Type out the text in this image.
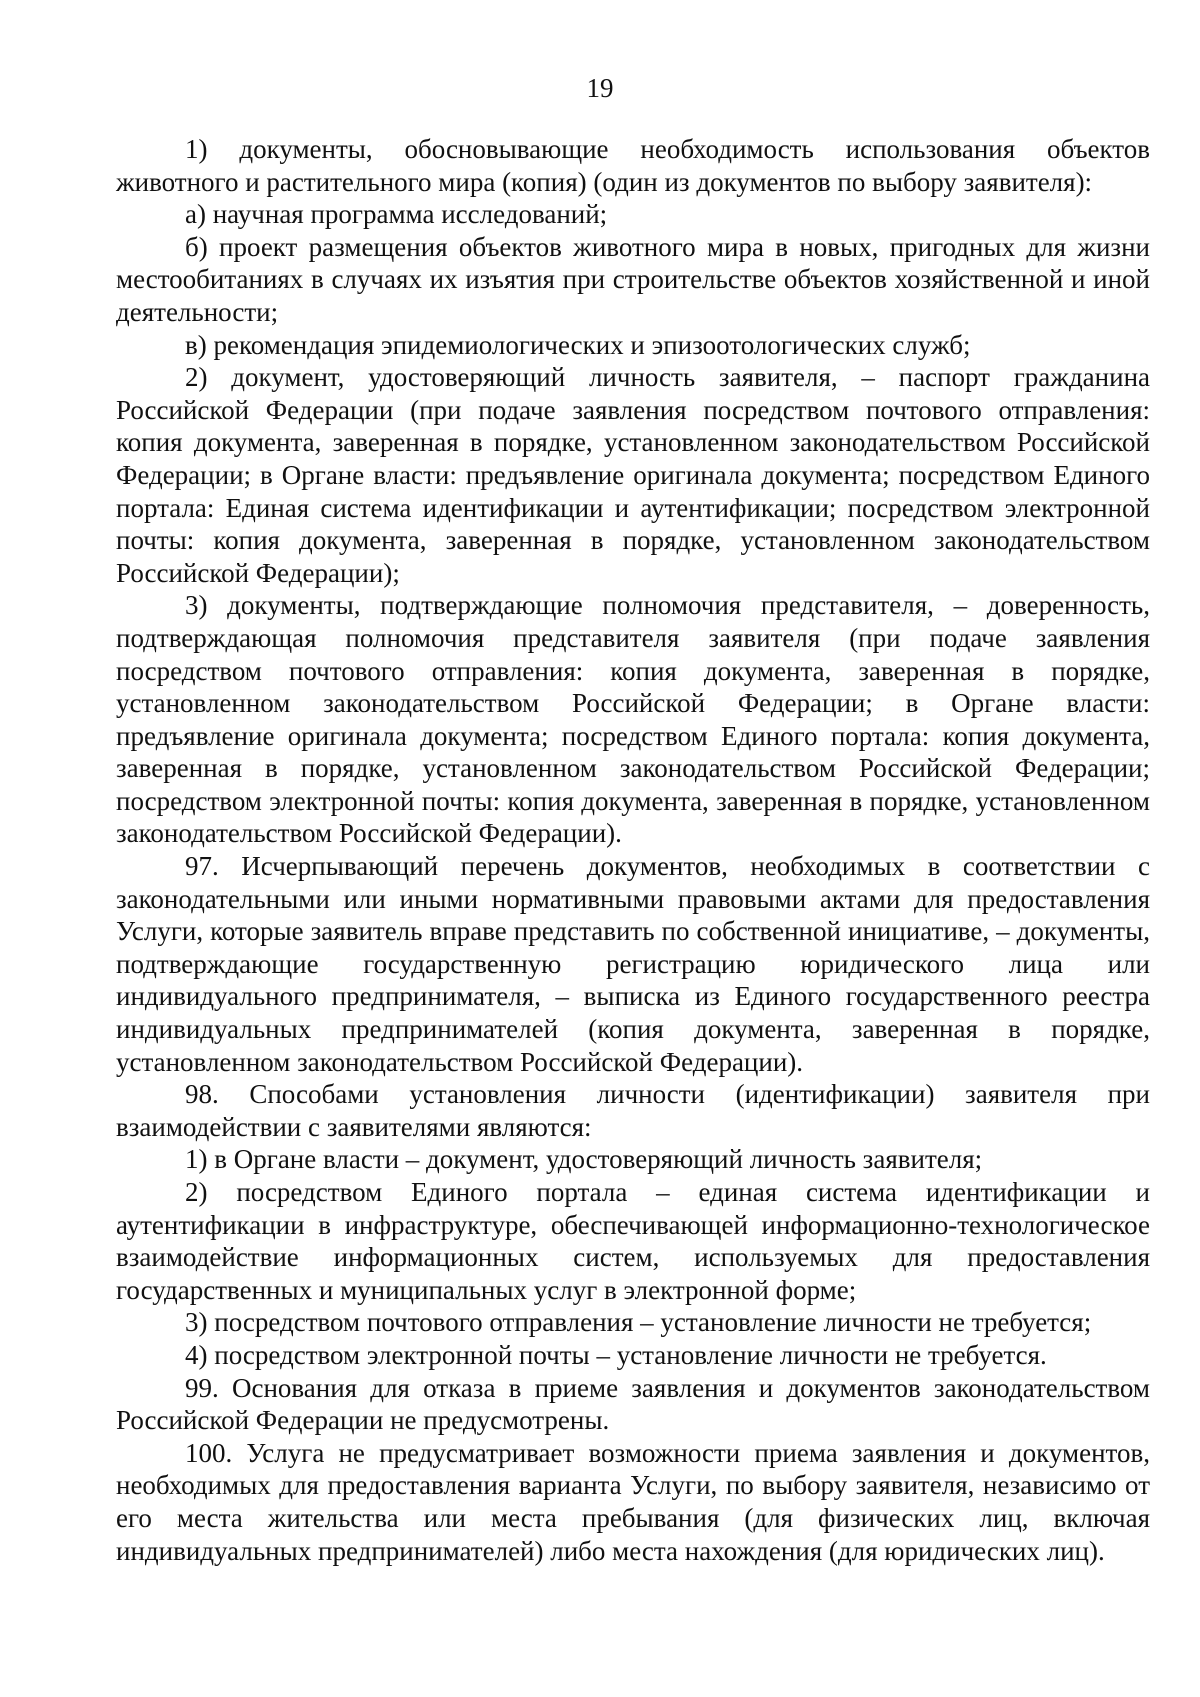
19

1) документы, обосновывающие необходимость использования объектов животного и растительного мира (копия) (один из документов по выбору заявителя):

а) научная программа исследований;

б) проект размещения объектов животного мира в новых, пригодных для жизни местообитаниях в случаях их изъятия при строительстве объектов хозяйственной и иной деятельности;

в) рекомендация эпидемиологических и эпизоотологических служб;

2) документ, удостоверяющий личность заявителя, – паспорт гражданина Российской Федерации (при подаче заявления посредством почтового отправления: копия документа, заверенная в порядке, установленном законодательством Российской Федерации; в Органе власти: предъявление оригинала документа; посредством Единого портала: Единая система идентификации и аутентификации; посредством электронной почты: копия документа, заверенная в порядке, установленном законодательством Российской Федерации);

3) документы, подтверждающие полномочия представителя, – доверенность, подтверждающая полномочия представителя заявителя (при подаче заявления посредством почтового отправления: копия документа, заверенная в порядке, установленном законодательством Российской Федерации; в Органе власти: предъявление оригинала документа; посредством Единого портала: копия документа, заверенная в порядке, установленном законодательством Российской Федерации; посредством электронной почты: копия документа, заверенная в порядке, установленном законодательством Российской Федерации).

97. Исчерпывающий перечень документов, необходимых в соответствии с законодательными или иными нормативными правовыми актами для предоставления Услуги, которые заявитель вправе представить по собственной инициативе, – документы, подтверждающие государственную регистрацию юридического лица или индивидуального предпринимателя, – выписка из Единого государственного реестра индивидуальных предпринимателей (копия документа, заверенная в порядке, установленном законодательством Российской Федерации).

98. Способами установления личности (идентификации) заявителя при взаимодействии с заявителями являются:

1) в Органе власти – документ, удостоверяющий личность заявителя;

2) посредством Единого портала – единая система идентификации и аутентификации в инфраструктуре, обеспечивающей информационно-технологическое взаимодействие информационных систем, используемых для предоставления государственных и муниципальных услуг в электронной форме;

3) посредством почтового отправления – установление личности не требуется;

4) посредством электронной почты – установление личности не требуется.

99. Основания для отказа в приеме заявления и документов законодательством Российской Федерации не предусмотрены.

100. Услуга не предусматривает возможности приема заявления и документов, необходимых для предоставления варианта Услуги, по выбору заявителя, независимо от его места жительства или места пребывания (для физических лиц, включая индивидуальных предпринимателей) либо места нахождения (для юридических лиц).
